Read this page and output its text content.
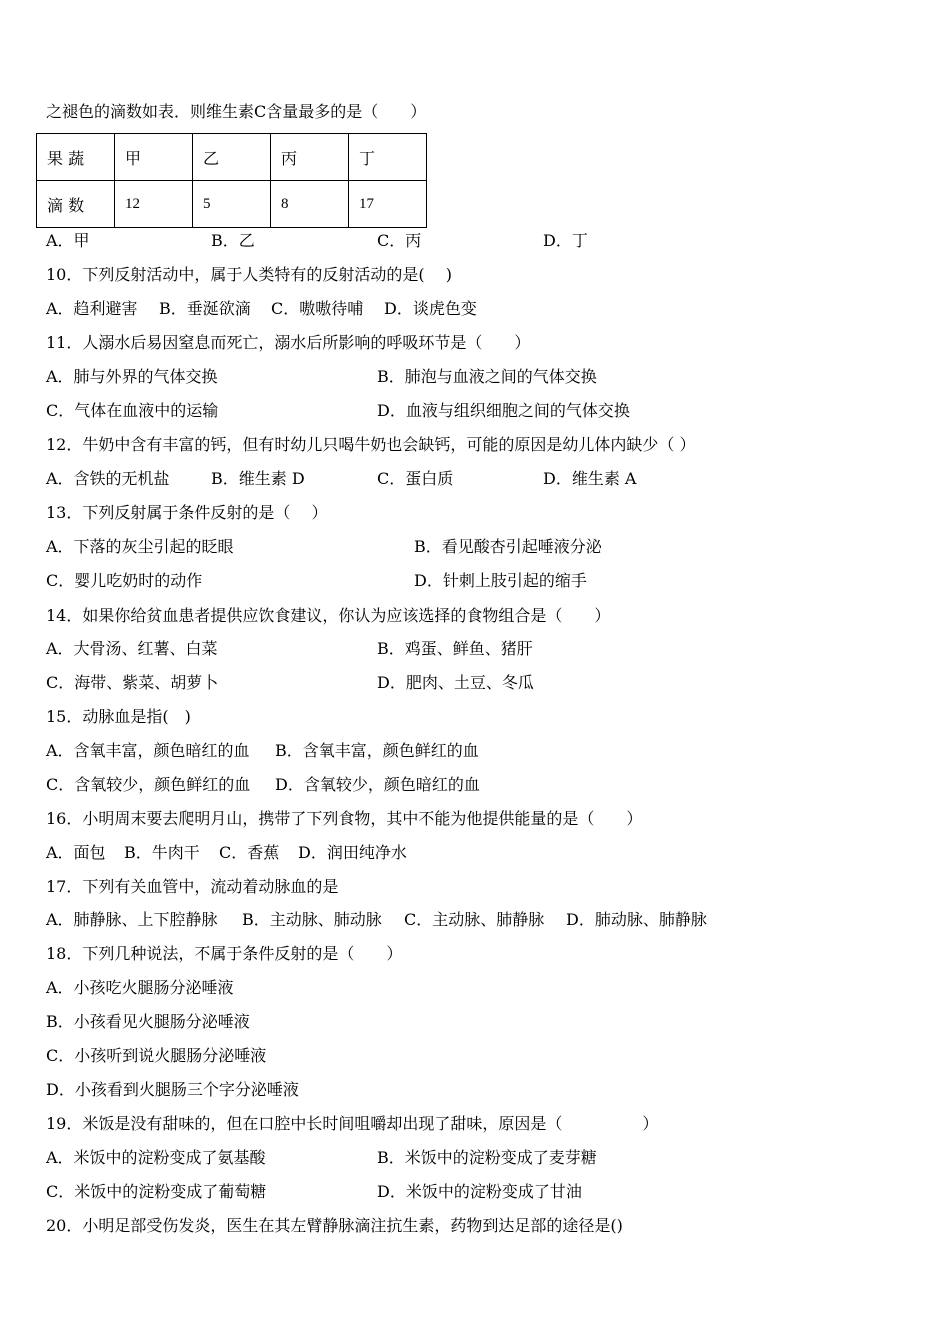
之褪色的滴数如表．则维生素C含量最多的是（　　）
果 蔬	甲	乙	丙	丁
滴 数	12	5	8	17
A．甲	B．乙	C．丙	D．丁
10．下列反射活动中，属于人类特有的反射活动的是(　 )
A．趋利避害 B．垂涎欲滴 C．嗷嗷待哺 D．谈虎色变
11．人溺水后易因窒息而死亡，溺水后所影响的呼吸环节是（　　）
A．肺与外界的气体交换	B．肺泡与血液之间的气体交换
C．气体在血液中的运输	D．血液与组织细胞之间的气体交换
12．牛奶中含有丰富的钙，但有时幼儿只喝牛奶也会缺钙，可能的原因是幼儿体内缺少（ ）
A．含铁的无机盐	B．维生素 D	C．蛋白质	D．维生素 A
13．下列反射属于条件反射的是（　 ）
A．下落的灰尘引起的眨眼	B．看见酸杏引起唾液分泌
C．婴儿吃奶时的动作	D．针刺上肢引起的缩手
14．如果你给贫血患者提供应饮食建议，你认为应该选择的食物组合是（　　）
A．大骨汤、红薯、白菜	B．鸡蛋、鲜鱼、猪肝
C．海带、紫菜、胡萝卜	D．肥肉、土豆、冬瓜
15．动脉血是指(　)
A．含氧丰富，颜色暗红的血 B．含氧丰富，颜色鲜红的血
C．含氧较少，颜色鲜红的血 D．含氧较少，颜色暗红的血
16．小明周末要去爬明月山，携带了下列食物，其中不能为他提供能量的是（　　）
A．面包 B．牛肉干 C．香蕉 D．润田纯净水
17．下列有关血管中，流动着动脉血的是
A．肺静脉、上下腔静脉 B．主动脉、肺动脉 C．主动脉、肺静脉 D．肺动脉、肺静脉
18．下列几种说法，不属于条件反射的是（　　）
A．小孩吃火腿肠分泌唾液
B．小孩看见火腿肠分泌唾液
C．小孩听到说火腿肠分泌唾液
D．小孩看到火腿肠三个字分泌唾液
19．米饭是没有甜味的，但在口腔中长时间咀嚼却出现了甜味，原因是（　　　　　）
A．米饭中的淀粉变成了氨基酸	B．米饭中的淀粉变成了麦芽糖
C．米饭中的淀粉变成了葡萄糖	D．米饭中的淀粉变成了甘油
20．小明足部受伤发炎，医生在其左臂静脉滴注抗生素，药物到达足部的途径是()
